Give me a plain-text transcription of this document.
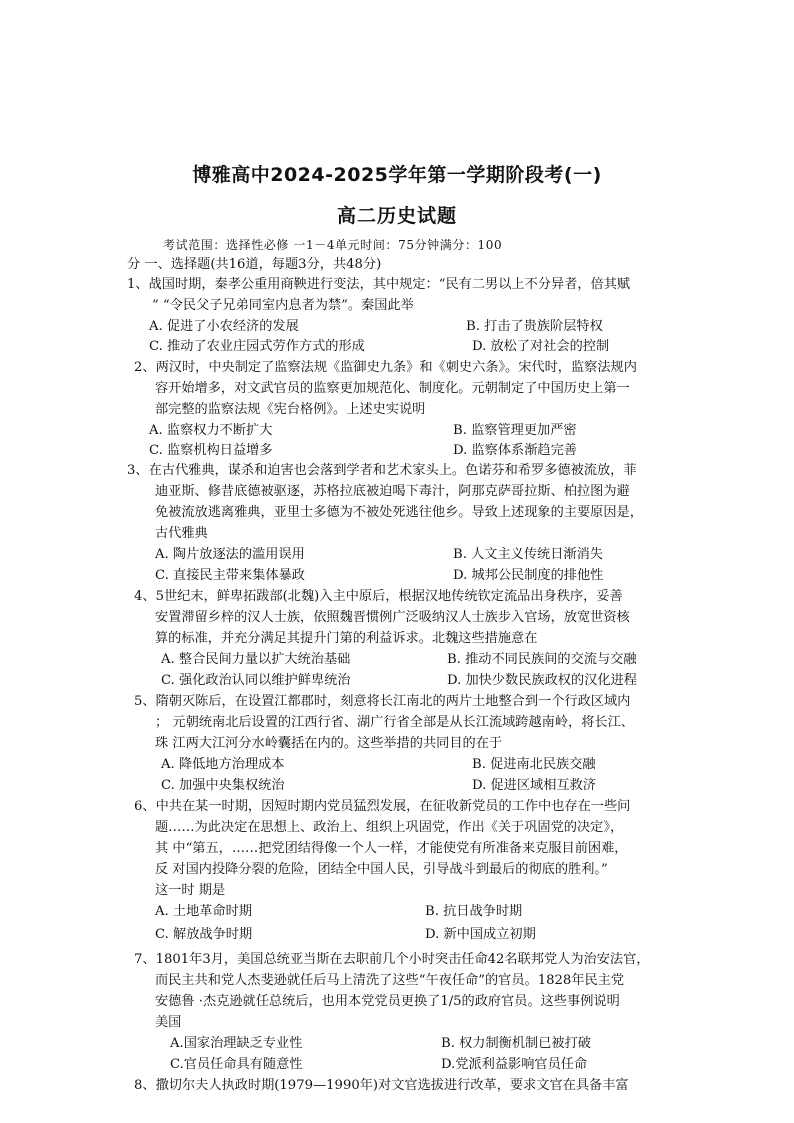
博雅高中2024-2025学年第一学期阶段考(一)
高二历史试题
考试范围：选择性必修 一1－4单元时间：75分钟满分：100
分 一、选择题(共16道，每题3分，共48分)
1、战国时期，秦孝公重用商鞅进行变法，其中规定：“民有二男以上不分异者，倍其赋
” “令民父子兄弟同室内息者为禁”。秦国此举
A. 促进了小农经济的发展	B. 打击了贵族阶层特权
C. 推动了农业庄园式劳作方式的形成	D. 放松了对社会的控制
2、两汉时，中央制定了监察法规《监御史九条》和《刺史六条》。宋代时，监察法规内
容开始增多，对文武官员的监察更加规范化、制度化。元朝制定了中国历史上第一
部完整的监察法规《宪台格例》。上述史实说明
A. 监察权力不断扩大	B. 监察管理更加严密
C. 监察机构日益增多	D. 监察体系渐趋完善
3、在古代雅典，谋杀和迫害也会落到学者和艺术家头上。色诺芬和希罗多德被流放，菲
迪亚斯、修昔底德被驱逐，苏格拉底被迫喝下毒汁，阿那克萨哥拉斯、柏拉图为避
免被流放逃离雅典，亚里士多德为不被处死逃往他乡。导致上述现象的主要原因是，
古代雅典
A. 陶片放逐法的滥用误用	B. 人文主义传统日渐消失
C. 直接民主带来集体暴政	D. 城邦公民制度的排他性
4、5世纪末，鲜卑拓跋部(北魏)入主中原后，根据汉地传统钦定流品出身秩序，妥善
安置滞留乡梓的汉人士族，依照魏晋惯例广泛吸纳汉人士族步入官场，放宽世资核
算的标准，并充分满足其提升门第的利益诉求。北魏这些措施意在
A. 整合民间力量以扩大统治基础	B. 推动不同民族间的交流与交融
C. 强化政治认同以维护鲜卑统治	D. 加快少数民族政权的汉化进程
5、隋朝灭陈后，在设置江都郡时，刻意将长江南北的两片土地整合到一个行政区域内
； 元朝统南北后设置的江西行省、湖广行省全部是从长江流域跨越南岭，将长江、
珠 江两大江河分水岭囊括在内的。这些举措的共同目的在于
A. 降低地方治理成本	B. 促进南北民族交融
C. 加强中央集权统治	D. 促进区域相互救济
6、中共在某一时期，因短时期内党员猛烈发展，在征收新党员的工作中也存在一些问
题……为此决定在思想上、政治上、组织上巩固党，作出《关于巩固党的决定》，
其 中“第五，……把党团结得像一个人一样，才能使党有所准备来克服目前困难，
反 对国内投降分裂的危险，团结全中国人民，引导战斗到最后的彻底的胜利。”
这一时 期是
A. 土地革命时期	B. 抗日战争时期
C. 解放战争时期	D. 新中国成立初期
7、1801年3月，美国总统亚当斯在去职前几个小时突击任命42名联邦党人为治安法官，
而民主共和党人杰斐逊就任后马上清洗了这些“午夜任命”的官员。1828年民主党
安德鲁 ·杰克逊就任总统后，也用本党党员更换了1/5的政府官员。这些事例说明
美国
A.国家治理缺乏专业性	B. 权力制衡机制已被打破
C.官员任命具有随意性	D.党派利益影响官员任命
8、撒切尔夫人执政时期(1979—1990年)对文官选拔进行改革，要求文官在具备丰富
